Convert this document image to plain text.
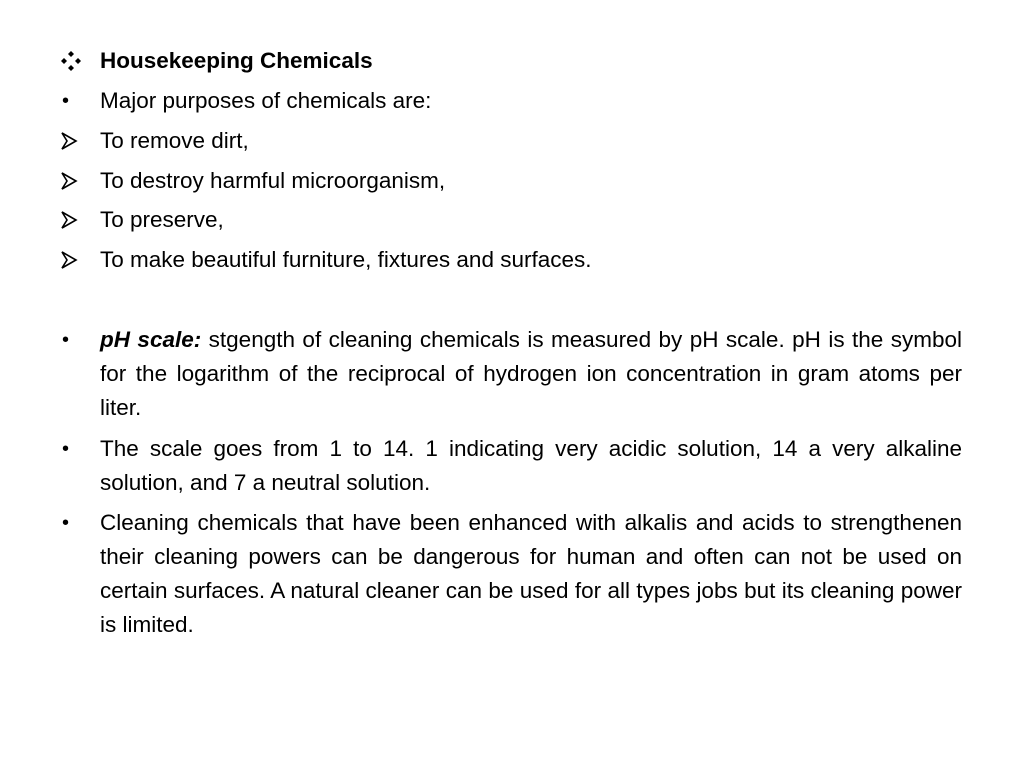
Housekeeping Chemicals
•	Major purposes of chemicals are:
To remove dirt,
To destroy harmful microorganism,
To preserve,
To make beautiful furniture, fixtures and surfaces.
•	pH scale: stgength of cleaning chemicals is measured by pH scale. pH is the symbol for the logarithm of the reciprocal of hydrogen ion concentration in gram atoms per liter.
•	The scale goes from 1 to 14. 1 indicating very acidic solution, 14 a very alkaline solution, and 7 a neutral solution.
•	Cleaning chemicals that have been enhanced with alkalis and acids to strengthenen their cleaning powers can be dangerous for human and often can not be used on certain surfaces. A natural cleaner can be used for all types jobs but its cleaning power is limited.
